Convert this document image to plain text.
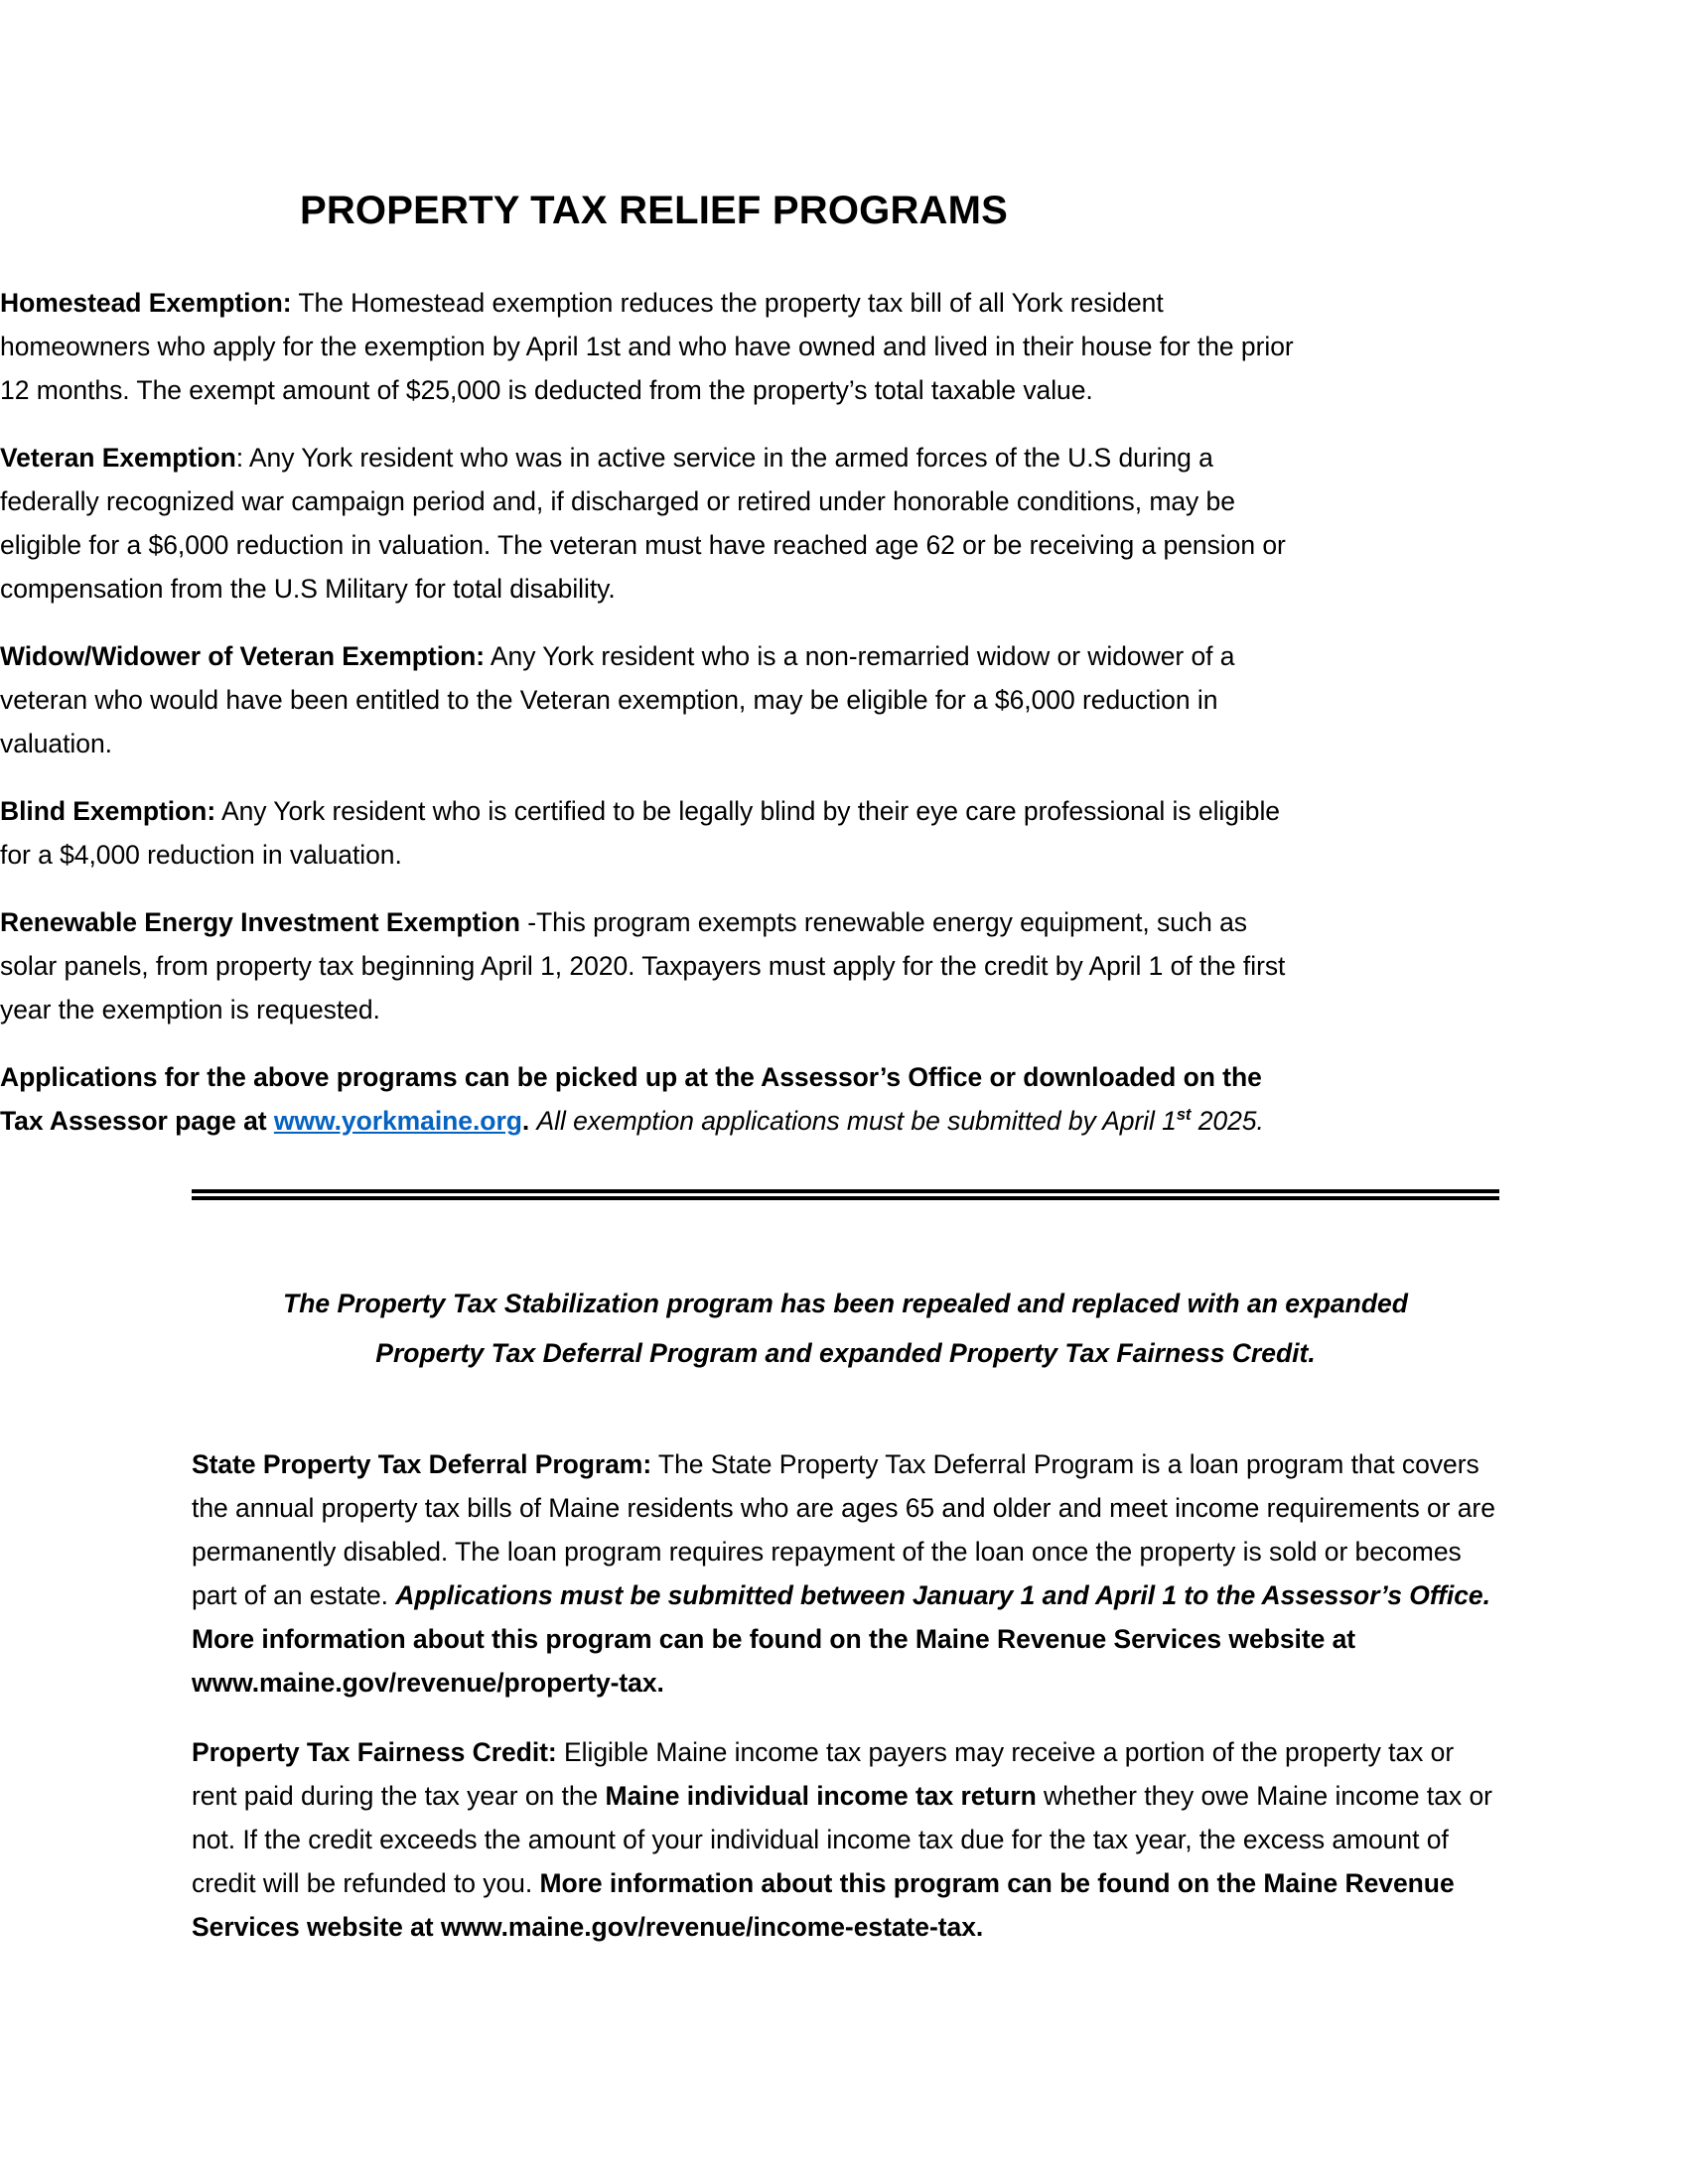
PROPERTY TAX RELIEF PROGRAMS

Homestead Exemption: The Homestead exemption reduces the property tax bill of all York resident homeowners who apply for the exemption by April 1st and who have owned and lived in their house for the prior 12 months. The exempt amount of $25,000 is deducted from the property’s total taxable value.

Veteran Exemption: Any York resident who was in active service in the armed forces of the U.S during a federally recognized war campaign period and, if discharged or retired under honorable conditions, may be eligible for a $6,000 reduction in valuation. The veteran must have reached age 62 or be receiving a pension or compensation from the U.S Military for total disability.

Widow/Widower of Veteran Exemption: Any York resident who is a non-remarried widow or widower of a veteran who would have been entitled to the Veteran exemption, may be eligible for a $6,000 reduction in valuation.

Blind Exemption: Any York resident who is certified to be legally blind by their eye care professional is eligible for a $4,000 reduction in valuation.

Renewable Energy Investment Exemption -This program exempts renewable energy equipment, such as solar panels, from property tax beginning April 1, 2020. Taxpayers must apply for the credit by April 1 of the first year the exemption is requested.

Applications for the above programs can be picked up at the Assessor’s Office or downloaded on the Tax Assessor page at www.yorkmaine.org. All exemption applications must be submitted by April 1st 2025.

The Property Tax Stabilization program has been repealed and replaced with an expanded
Property Tax Deferral Program and expanded Property Tax Fairness Credit.

State Property Tax Deferral Program: The State Property Tax Deferral Program is a loan program that covers the annual property tax bills of Maine residents who are ages 65 and older and meet income requirements or are permanently disabled. The loan program requires repayment of the loan once the property is sold or becomes part of an estate. Applications must be submitted between January 1 and April 1 to the Assessor’s Office. More information about this program can be found on the Maine Revenue Services website at www.maine.gov/revenue/property-tax.

Property Tax Fairness Credit: Eligible Maine income tax payers may receive a portion of the property tax or rent paid during the tax year on the Maine individual income tax return whether they owe Maine income tax or not. If the credit exceeds the amount of your individual income tax due for the tax year, the excess amount of credit will be refunded to you. More information about this program can be found on the Maine Revenue Services website at www.maine.gov/revenue/income-estate-tax.
